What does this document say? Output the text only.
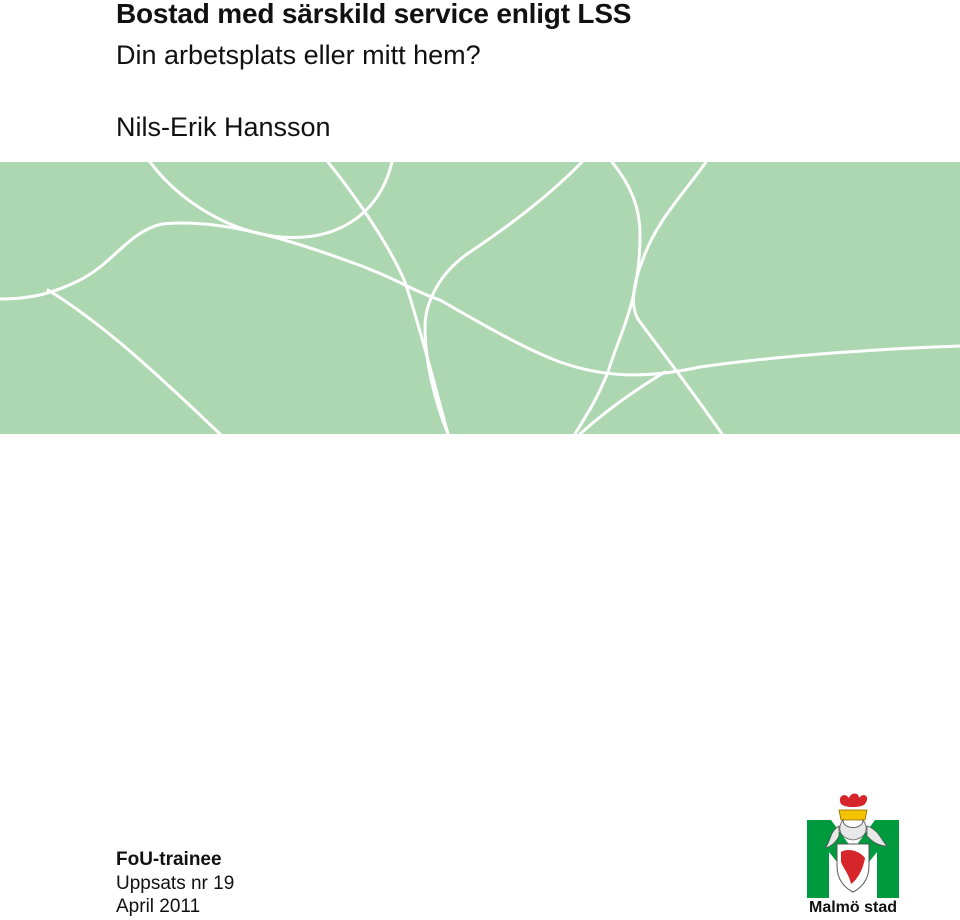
Bostad med särskild service enligt LSS
Din arbetsplats eller mitt hem?
Nils-Erik Hansson
FoU-trainee
Uppsats nr 19
April 2011	Malmö stad
